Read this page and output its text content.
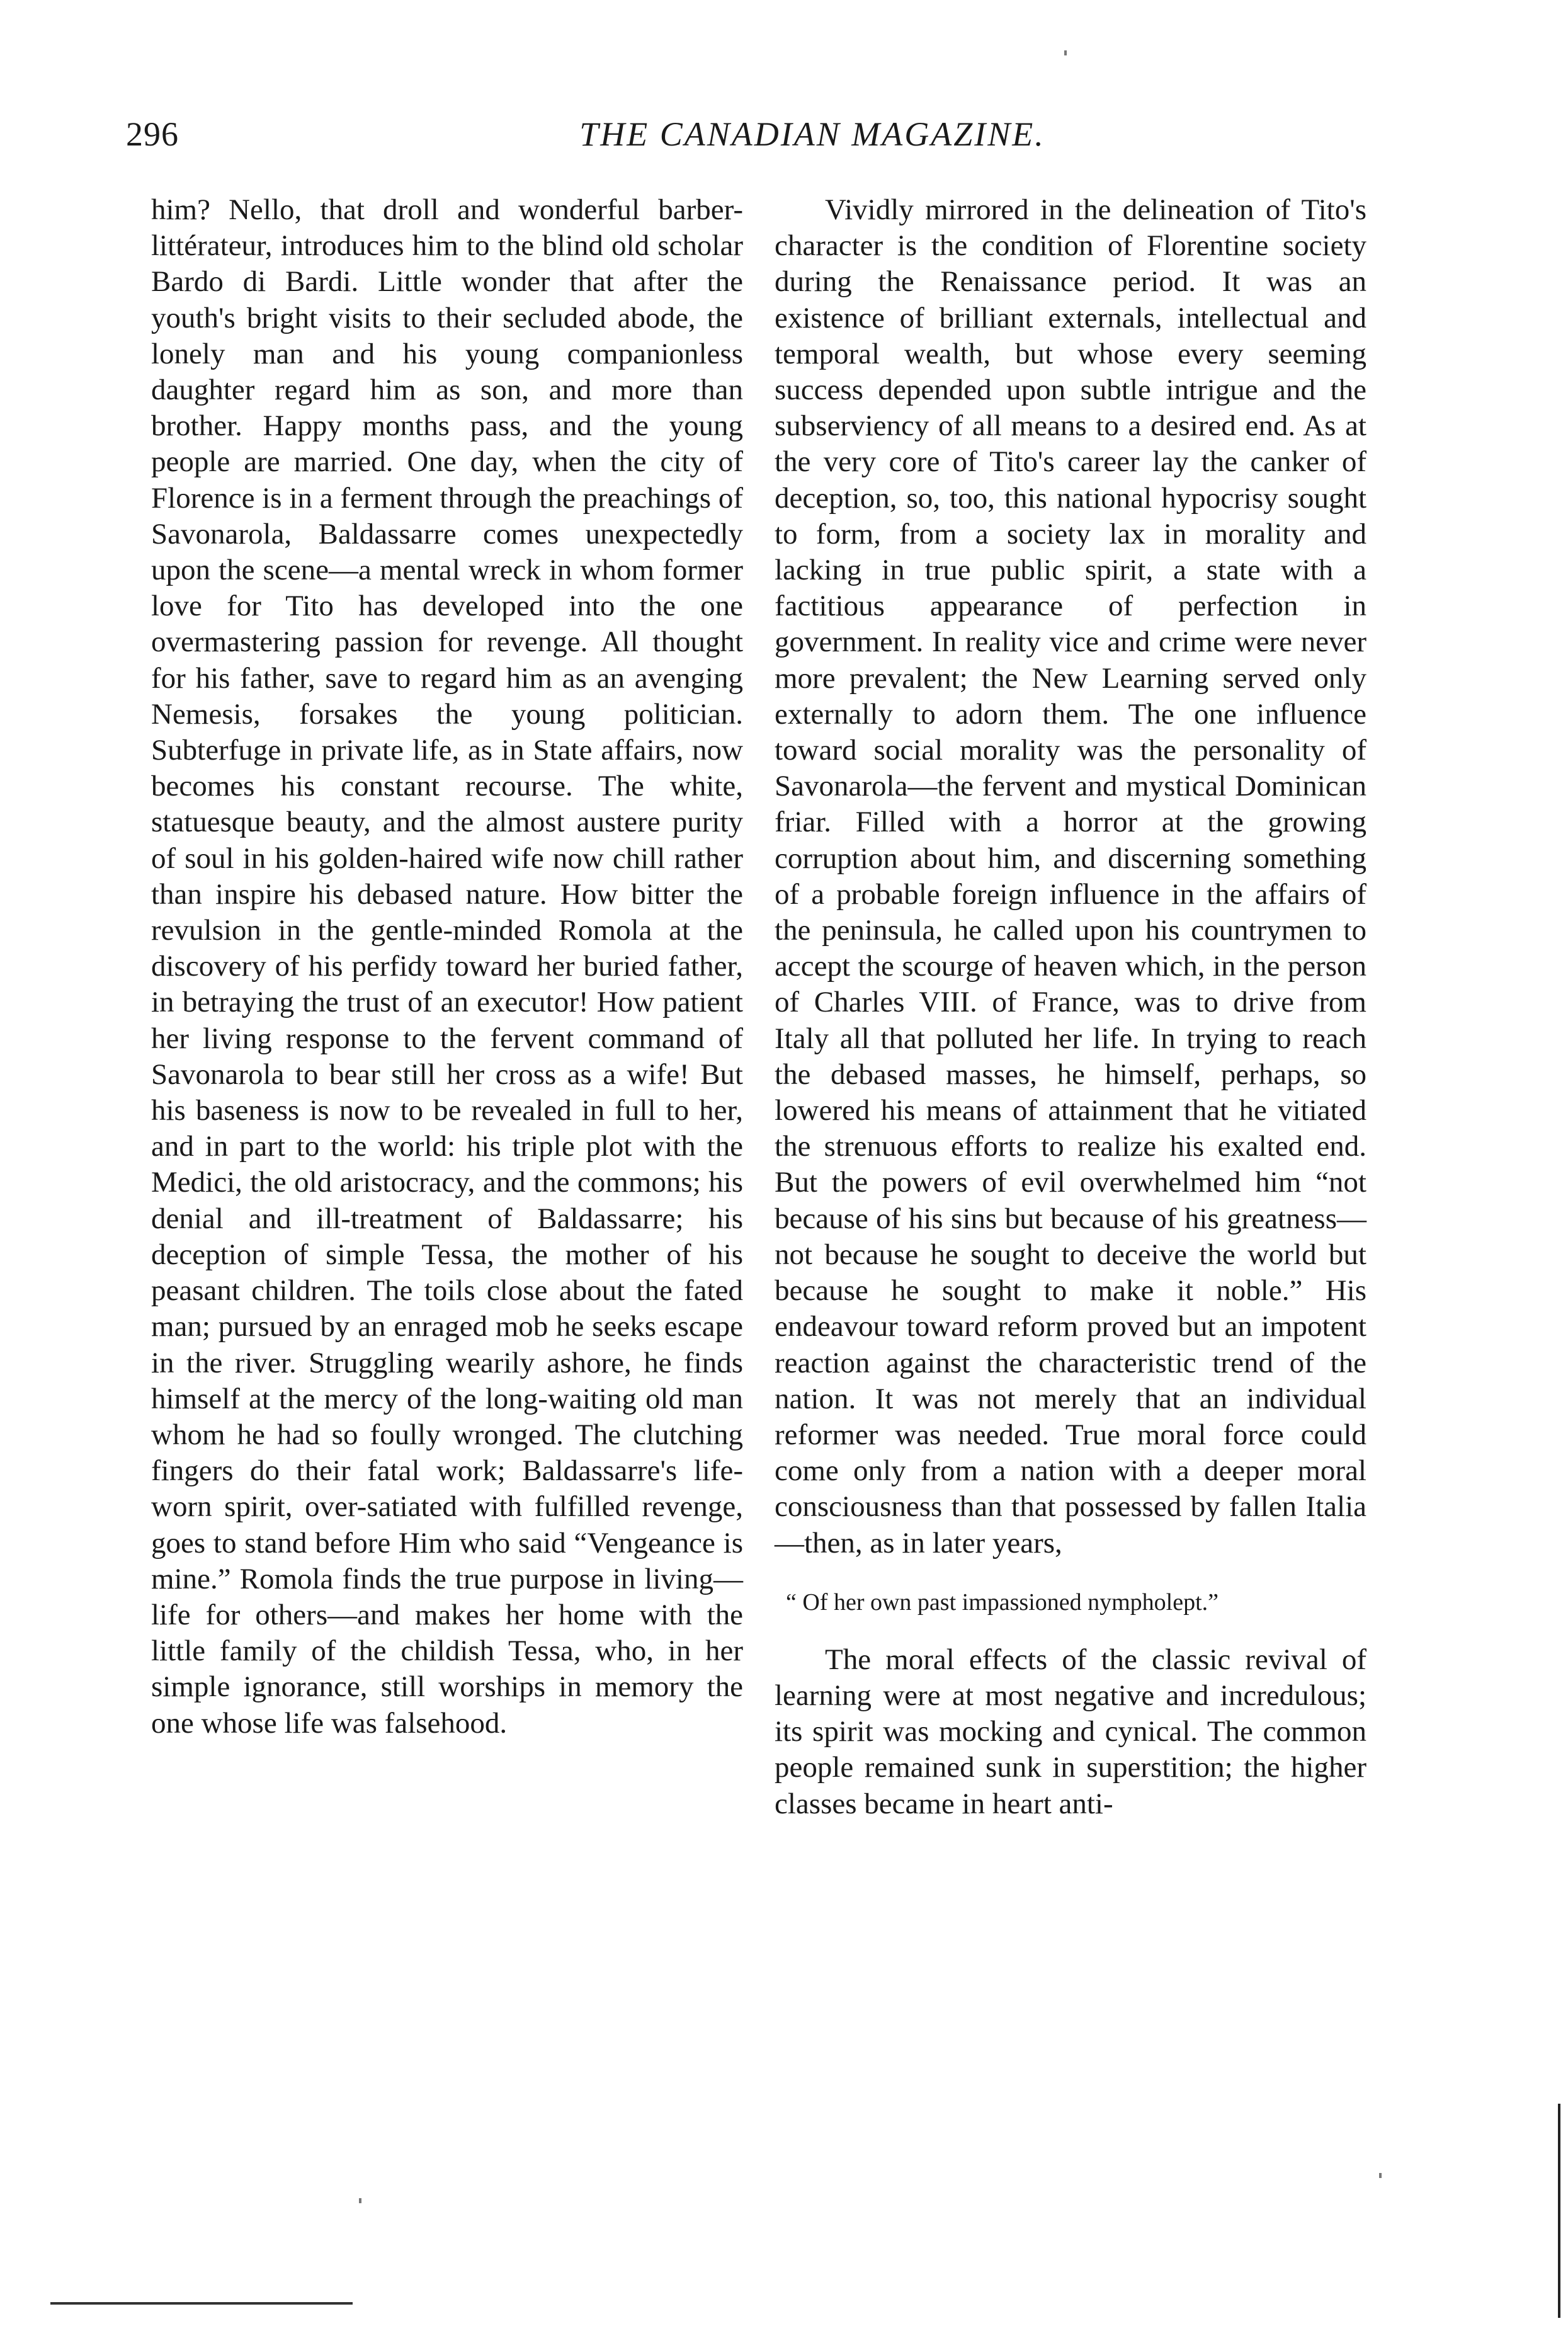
296	THE CANADIAN MAGAZINE.

him? Nello, that droll and wonderful barber-littérateur, introduces him to the blind old scholar Bardo di Bardi. Little wonder that after the youth's bright visits to their secluded abode, the lonely man and his young companionless daughter regard him as son, and more than brother. Happy months pass, and the young people are married. One day, when the city of Florence is in a ferment through the preachings of Savonarola, Baldassarre comes unexpectedly upon the scene—a mental wreck in whom former love for Tito has developed into the one overmastering passion for revenge. All thought for his father, save to regard him as an avenging Nemesis, forsakes the young politician. Subterfuge in private life, as in State affairs, now becomes his constant recourse. The white, statuesque beauty, and the almost austere purity of soul in his golden-haired wife now chill rather than inspire his debased nature. How bitter the revulsion in the gentle-minded Romola at the discovery of his perfidy toward her buried father, in betraying the trust of an executor! How patient her living response to the fervent command of Savonarola to bear still her cross as a wife! But his baseness is now to be revealed in full to her, and in part to the world: his triple plot with the Medici, the old aristocracy, and the commons; his denial and ill-treatment of Baldassarre; his deception of simple Tessa, the mother of his peasant children. The toils close about the fated man; pursued by an enraged mob he seeks escape in the river. Struggling wearily ashore, he finds himself at the mercy of the long-waiting old man whom he had so foully wronged. The clutching fingers do their fatal work; Baldassarre's life-worn spirit, over-satiated with fulfilled revenge, goes to stand before Him who said “Vengeance is mine.” Romola finds the true purpose in living—life for others—and makes her home with the little family of the childish Tessa, who, in her simple ignorance, still worships in memory the one whose life was falsehood.

Vividly mirrored in the delineation of Tito's character is the condition of Florentine society during the Renaissance period. It was an existence of brilliant externals, intellectual and temporal wealth, but whose every seeming success depended upon subtle intrigue and the subserviency of all means to a desired end. As at the very core of Tito's career lay the canker of deception, so, too, this national hypocrisy sought to form, from a society lax in morality and lacking in true public spirit, a state with a factitious appearance of perfection in government. In reality vice and crime were never more prevalent; the New Learning served only externally to adorn them. The one influence toward social morality was the personality of Savonarola—the fervent and mystical Dominican friar. Filled with a horror at the growing corruption about him, and discerning something of a probable foreign influence in the affairs of the peninsula, he called upon his countrymen to accept the scourge of heaven which, in the person of Charles VIII. of France, was to drive from Italy all that polluted her life. In trying to reach the debased masses, he himself, perhaps, so lowered his means of attainment that he vitiated the strenuous efforts to realize his exalted end. But the powers of evil overwhelmed him “not because of his sins but because of his greatness—not because he sought to deceive the world but because he sought to make it noble.” His endeavour toward reform proved but an impotent reaction against the characteristic trend of the nation. It was not merely that an individual reformer was needed. True moral force could come only from a nation with a deeper moral consciousness than that possessed by fallen Italia—then, as in later years,

“ Of her own past impassioned nympholept.”

The moral effects of the classic revival of learning were at most negative and incredulous; its spirit was mocking and cynical. The common people remained sunk in superstition; the higher classes became in heart anti-
